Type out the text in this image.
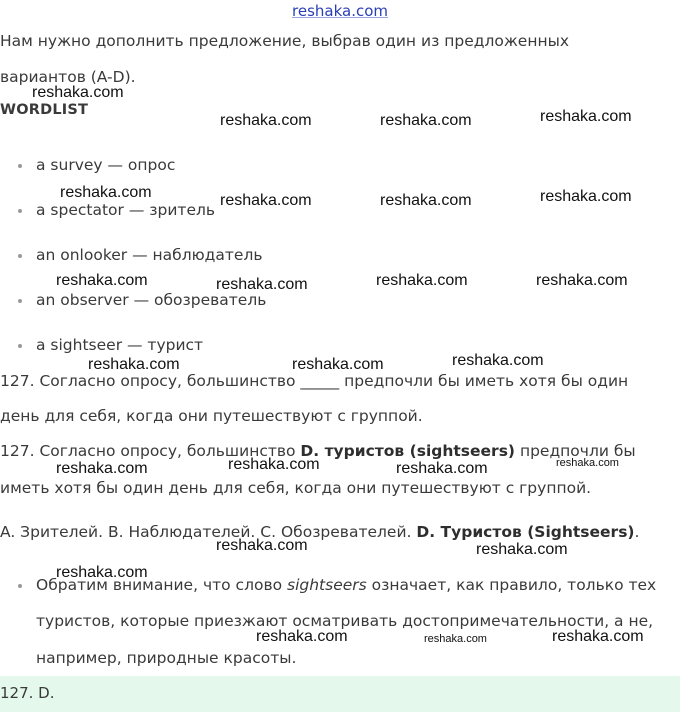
reshaka.com
Нам нужно дополнить предложение, выбрав один из предложенных
вариантов (A-D).
WORDLIST
a survey — опрос
a spectator — зритель
an onlooker — наблюдатель
an observer — обозреватель
a sightseer — турист
127. Согласно опросу, большинство _____ предпочли бы иметь хотя бы один
день для себя, когда они путешествуют с группой.
127. Согласно опросу, большинство D. туристов (sightseers) предпочли бы
иметь хотя бы один день для себя, когда они путешествуют с группой.
A. Зрителей. B. Наблюдателей. C. Обозревателей. D. Туристов (Sightseers).
Обратим внимание, что слово sightseers означает, как правило, только тех
туристов, которые приезжают осматривать достопримечательности, а не,
например, природные красоты.
127. D.
reshaka.com
reshaka.com	reshaka.com	reshaka.com
reshaka.com	reshaka.com	reshaka.com	reshaka.com
reshaka.com	reshaka.com	reshaka.com	reshaka.com
reshaka.com	reshaka.com	reshaka.com
reshaka.com	reshaka.com	reshaka.com	reshaka.com
reshaka.com	reshaka.com
reshaka.com
reshaka.com	reshaka.com	reshaka.com
